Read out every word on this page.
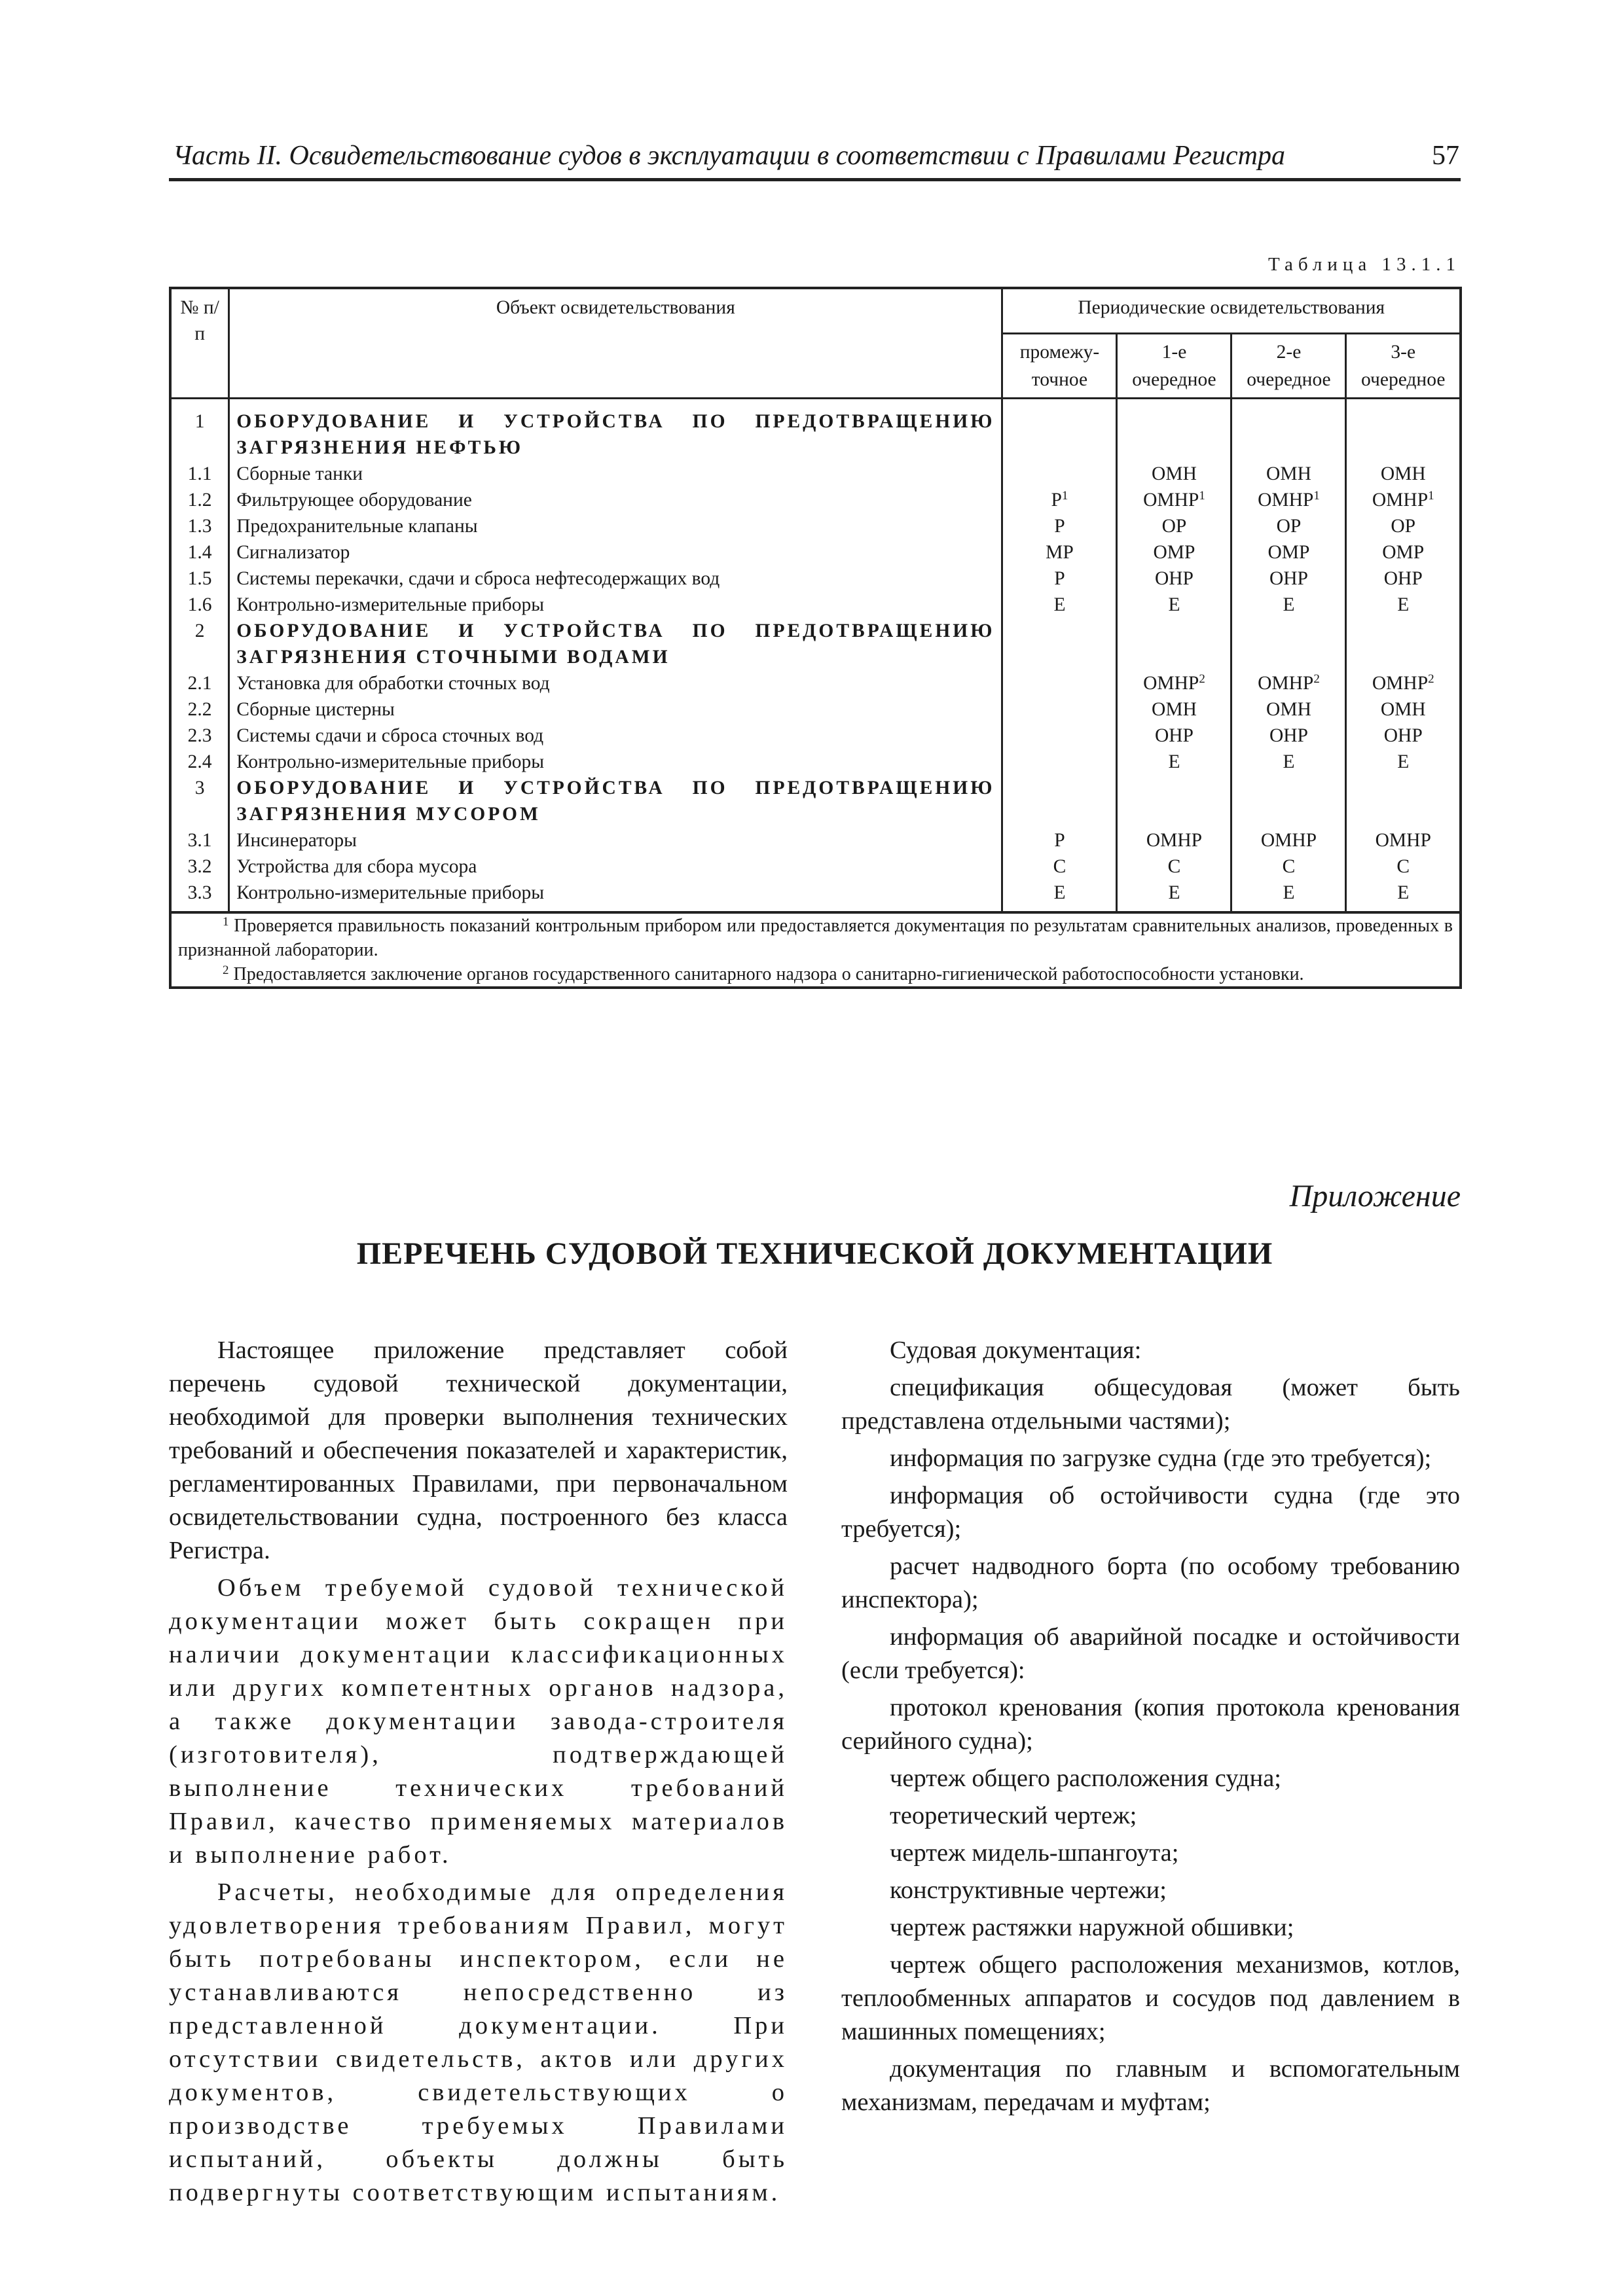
Часть II. Освидетельствование судов в эксплуатации в соответствии с Правилами Регистра	57
Таблица 13.1.1
№ п/п	Объект освидетельствования	Периодические освидетельствования			
		промежу-точное	1-е очередное	2-е очередное	3-е очередное
1	ОБОРУДОВАНИЕ И УСТРОЙСТВА ПО ПРЕДОТВРАЩЕНИЮ ЗАГРЯЗНЕНИЯ НЕФТЬЮ				
1.1	Сборные танки		ОМН	ОМН	ОМН
1.2	Фильтрующее оборудование	$Р^1$	ОМНР$^1$	ОМНР$^1$	ОМНР$^1$
1.3	Предохранительные клапаны	Р	ОР	ОР	ОР
1.4	Сигнализатор	МР	ОМР	ОМР	ОМР
1.5	Системы перекачки, сдачи и сброса нефтесодержащих вод	Р	ОНР	ОНР	ОНР
1.6	Контрольно-измерительные приборы	Е	Е	Е	Е
2	ОБОРУДОВАНИЕ И УСТРОЙСТВА ПО ПРЕДОТВРАЩЕНИЮ ЗАГРЯЗНЕНИЯ СТОЧНЫМИ ВОДАМИ				
2.1	Установка для обработки сточных вод		ОМНР$^2$	ОМНР$^2$	ОМНР$^2$
2.2	Сборные цистерны		ОМН	ОМН	ОМН
2.3	Системы сдачи и сброса сточных вод		ОНР	ОНР	ОНР
2.4	Контрольно-измерительные приборы		Е	Е	Е
3	ОБОРУДОВАНИЕ И УСТРОЙСТВА ПО ПРЕДОТВРАЩЕНИЮ ЗАГРЯЗНЕНИЯ МУСОРОМ				
3.1	Инсинераторы	Р	ОМНР	ОМНР	ОМНР
3.2	Устройства для сбора мусора	С	С	С	С
3.3	Контрольно-измерительные приборы	Е	Е	Е	Е

$^1$ Проверяется правильность показаний контрольным прибором или предоставляется документация по результатам сравнительных анализов, проведенных в признанной лаборатории.

$^2$ Предоставляется заключение органов государственного санитарного надзора о санитарно-гигиенической работоспособности установки.					

Приложение
ПЕРЕЧЕНЬ СУДОВОЙ ТЕХНИЧЕСКОЙ ДОКУМЕНТАЦИИ

Настоящее приложение представляет собой перечень судовой технической документации, необходимой для проверки выполнения технических требований и обеспечения показателей и характеристик, регламентированных Правилами, при первоначальном освидетельствовании судна, построенного без класса Регистра.

Объем требуемой судовой технической документации может быть сокращен при наличии документации классификационных или других компетентных органов надзора, а также документации завода-строителя (изготовителя), подтверждающей выполнение технических требований Правил, качество применяемых материалов и выполнение работ.

Расчеты, необходимые для определения удовлетворения требованиям Правил, могут быть потребованы инспектором, если не устанавливаются непосредственно из представленной документации. При отсутствии свидетельств, актов или других документов, свидетельствующих о производстве требуемых Правилами испытаний, объекты должны быть подвергнуты соответствующим испытаниям.

Судовая документация:

спецификация общесудовая (может быть представлена отдельными частями);

информация по загрузке судна (где это требуется);

информация об остойчивости судна (где это требуется);

расчет надводного борта (по особому требованию инспектора);

информация об аварийной посадке и остойчивости (если требуется):

протокол кренования (копия протокола кренования серийного судна);

чертеж общего расположения судна;

теоретический чертеж;

чертеж мидель-шпангоута;

конструктивные чертежи;

чертеж растяжки наружной обшивки;

чертеж общего расположения механизмов, котлов, теплообменных аппаратов и сосудов под давлением в машинных помещениях;

документация по главным и вспомогательным механизмам, передачам и муфтам;
